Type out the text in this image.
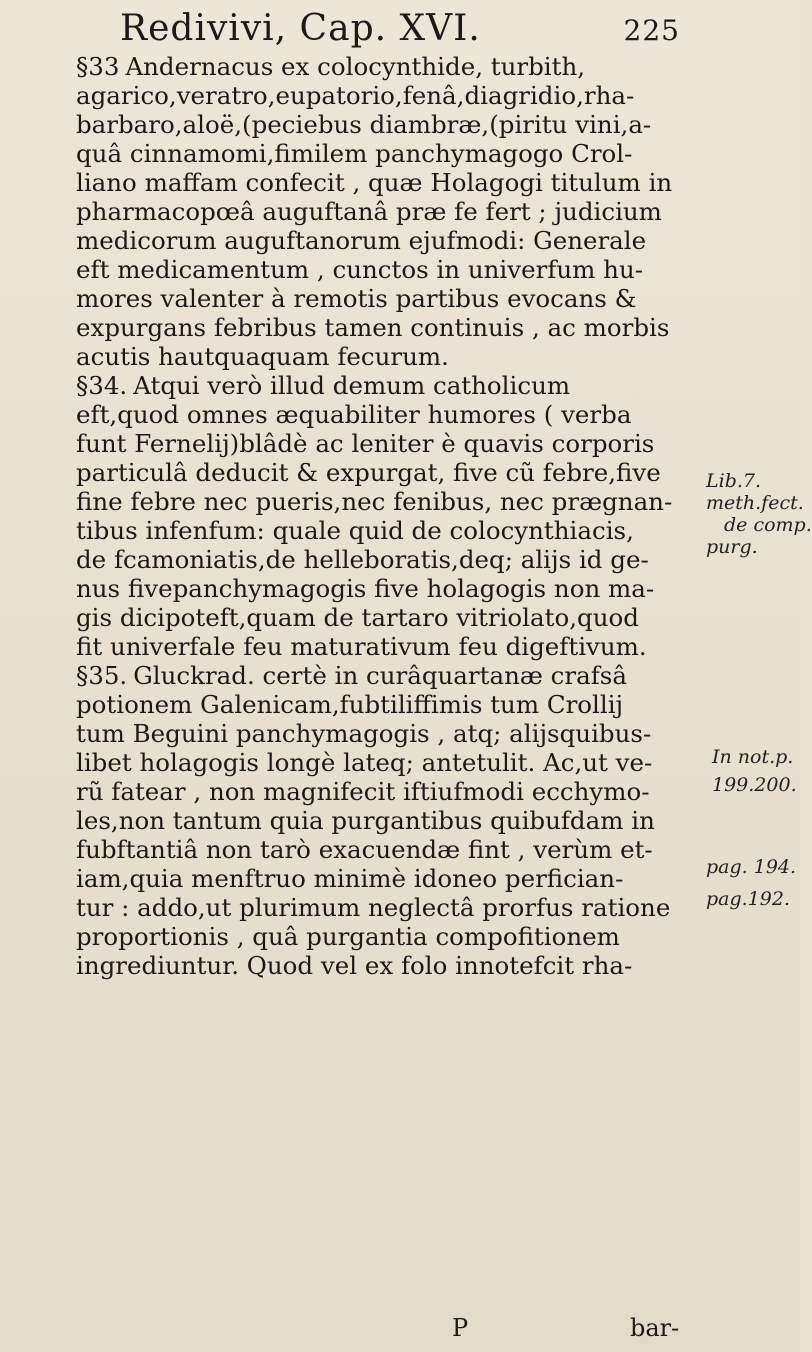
Redivivi, Cap. XVI.	225
§33 Andernacus ex colocynthide, turbith,
agarico,veratro,eupatorio,fenâ,diagridio,rha-
barbaro,aloë,(peciebus diambræ,(piritu vini,a-
quâ cinnamomi,fimilem panchymagogo Crol-
liano maffam confecit , quæ Holagogi titulum in
pharmacopœâ auguftanâ præ fe fert ; judicium
medicorum auguftanorum ejufmodi: Generale
eft medicamentum , cunctos in univerfum hu-
mores valenter à remotis partibus evocans &
expurgans febribus tamen continuis , ac morbis
acutis hautquaquam fecurum.
§34. Atqui verò illud demum catholicum
eft,quod omnes æquabiliter humores ( verba
funt Fernelij)blâdè ac leniter è quavis corporis
particulâ deducit & expurgat, five cũ febre,five
fine febre nec pueris,nec fenibus, nec prægnan-
tibus infenfum: quale quid de colocynthiacis,
de fcamoniatis,de helleboratis,deq; alijs id ge-
nus fivepanchymagogis five holagogis non ma-
gis dicipoteft,quam de tartaro vitriolato,quod
fit univerfale feu maturativum feu digeftivum.
§35. Gluckrad. certè in curâquartanæ crafsâ
potionem Galenicam,fubtiliffimis tum Crollij
tum Beguini panchymagogis , atq; alijsquibus-
libet holagogis longè lateq; antetulit. Ac,ut ve-
rũ fatear , non magnifecit iftiufmodi ecchymo-
les,non tantum quia purgantibus quibufdam in
fubftantiâ non tarò exacuendæ fint , verùm et-
iam,quia menftruo minimè idoneo perfician-
tur : addo,ut plurimum neglectâ prorfus ratione
proportionis , quâ purgantia compofitionem
ingrediuntur. Quod vel ex folo innotefcit rha-
Lib.7.
meth.fect.
de comp.
purg.
In not.p.
199.200.
pag. 194.
pag.192.
P	bar-
